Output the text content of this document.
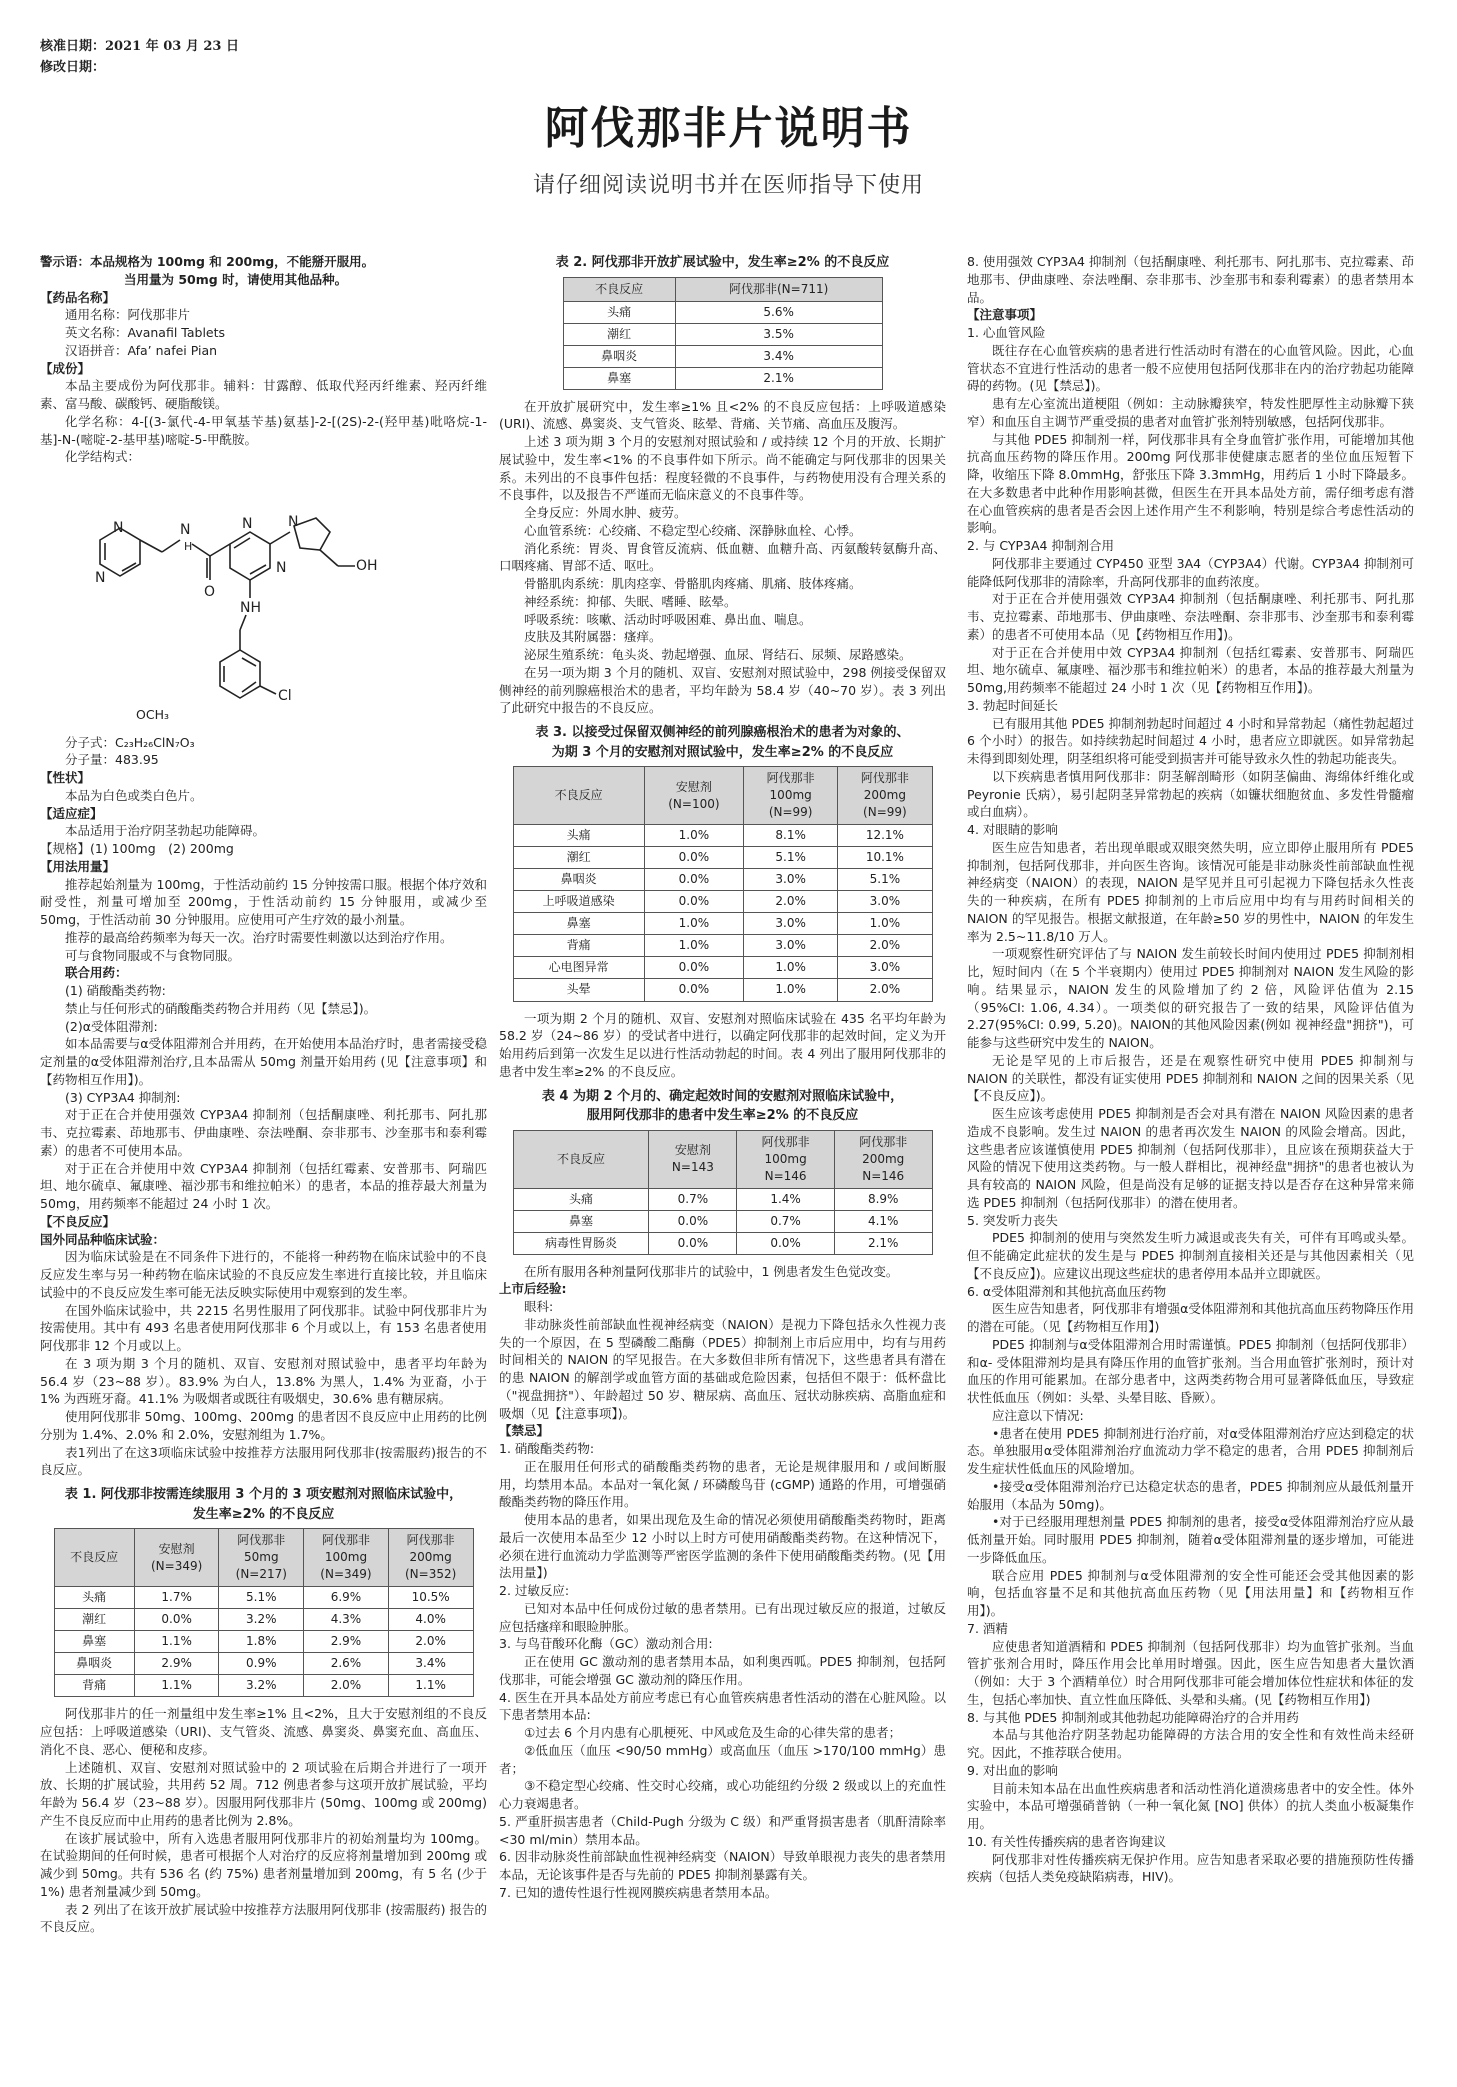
核准日期：2021 年 03 月 23 日
修改日期：
阿伐那非片说明书
请仔细阅读说明书并在医师指导下使用

警示语：本品规格为 100mg 和 200mg，不能掰开服用。

当用量为 50mg 时，请使用其他品种。

【药品名称】

通用名称：阿伐那非片

英文名称：Avanafil Tablets

汉语拼音：Afa’ nafei Pian

【成份】

本品主要成份为阿伐那非。辅料：甘露醇、低取代羟丙纤维素、羟丙纤维素、富马酸、碳酸钙、硬脂酸镁。

化学名称：4-[(3-氯代-4-甲氧基苄基)氨基]-2-[(2S)-2-(羟甲基)吡咯烷-1-基]-N-(嘧啶-2-基甲基)嘧啶-5-甲酰胺。

化学结构式：

N
N
N
H
O
N
N
N
OH
NH
Cl

OCH₃

分子式：C₂₃H₂₆ClN₇O₃

分子量：483.95

【性状】

本品为白色或类白色片。

【适应症】

本品适用于治疗阴茎勃起功能障碍。

【规格】(1) 100mg　(2) 200mg

【用法用量】

推荐起始剂量为 100mg，于性活动前约 15 分钟按需口服。根据个体疗效和耐受性，剂量可增加至 200mg，于性活动前约 15 分钟服用，或减少至 50mg，于性活动前 30 分钟服用。应使用可产生疗效的最小剂量。

推荐的最高给药频率为每天一次。治疗时需要性刺激以达到治疗作用。

可与食物同服或不与食物同服。

联合用药：

(1) 硝酸酯类药物:

禁止与任何形式的硝酸酯类药物合并用药（见【禁忌】)。

(2)α受体阻滞剂:

如本品需要与α受体阻滞剂合并用药，在开始使用本品治疗时，患者需接受稳定剂量的α受体阻滞剂治疗,且本品需从 50mg 剂量开始用药 (见【注意事项】和【药物相互作用】)。

(3) CYP3A4 抑制剂:

对于正在合并使用强效 CYP3A4 抑制剂（包括酮康唑、利托那韦、阿扎那韦、克拉霉素、茚地那韦、伊曲康唑、奈法唑酮、奈非那韦、沙奎那韦和泰利霉素）的患者不可使用本品。

对于正在合并使用中效 CYP3A4 抑制剂（包括红霉素、安普那韦、阿瑞匹坦、地尔硫卓、氟康唑、福沙那韦和维拉帕米）的患者，本品的推荐最大剂量为 50mg，用药频率不能超过 24 小时 1 次。

【不良反应】

国外同品种临床试验：

因为临床试验是在不同条件下进行的，不能将一种药物在临床试验中的不良反应发生率与另一种药物在临床试验的不良反应发生率进行直接比较，并且临床试验中的不良反应发生率可能无法反映实际使用中观察到的发生率。

在国外临床试验中，共 2215 名男性服用了阿伐那非。试验中阿伐那非片为按需使用。其中有 493 名患者使用阿伐那非 6 个月或以上，有 153 名患者使用阿伐那非 12 个月或以上。

在 3 项为期 3 个月的随机、双盲、安慰剂对照试验中，患者平均年龄为 56.4 岁（23~88 岁）。83.9% 为白人，13.8% 为黑人，1.4% 为亚裔，小于 1% 为西班牙裔。41.1% 为吸烟者或既往有吸烟史，30.6% 患有糖尿病。

使用阿伐那非 50mg、100mg、200mg 的患者因不良反应中止用药的比例分别为 1.4%、2.0% 和 2.0%，安慰剂组为 1.7%。

表1列出了在这3项临床试验中按推荐方法服用阿伐那非(按需服药)报告的不良反应。

表 1. 阿伐那非按需连续服用 3 个月的 3 项安慰剂对照临床试验中，
发生率≥2% 的不良反应
不良反应	安慰剂
(N=349)	阿伐那非
50mg
(N=217)	阿伐那非
100mg
(N=349)	阿伐那非
200mg
(N=352)
头痛	1.7%	5.1%	6.9%	10.5%
潮红	0.0%	3.2%	4.3%	4.0%
鼻塞	1.1%	1.8%	2.9%	2.0%
鼻咽炎	2.9%	0.9%	2.6%	3.4%
背痛	1.1%	3.2%	2.0%	1.1%

阿伐那非片的任一剂量组中发生率≥1% 且<2%，且大于安慰剂组的不良反应包括：上呼吸道感染（URI)、支气管炎、流感、鼻窦炎、鼻窦充血、高血压、消化不良、恶心、便秘和皮疹。

上述随机、双盲、安慰剂对照试验中的 2 项试验在后期合并进行了一项开放、长期的扩展试验，共用药 52 周。712 例患者参与这项开放扩展试验，平均年龄为 56.4 岁（23~88 岁）。因服用阿伐那非片 (50mg、100mg 或 200mg) 产生不良反应而中止用药的患者比例为 2.8%。

在该扩展试验中，所有入选患者服用阿伐那非片的初始剂量均为 100mg。在试验期间的任何时候，患者可根据个人对治疗的反应将剂量增加到 200mg 或减少到 50mg。共有 536 名 (约 75%) 患者剂量增加到 200mg，有 5 名 (少于 1%) 患者剂量减少到 50mg。

表 2 列出了在该开放扩展试验中按推荐方法服用阿伐那非 (按需服药) 报告的不良反应。

表 2. 阿伐那非开放扩展试验中，发生率≥2% 的不良反应
不良反应	阿伐那非(N=711)
头痛	5.6%
潮红	3.5%
鼻咽炎	3.4%
鼻塞	2.1%

在开放扩展研究中，发生率≥1% 且<2% 的不良反应包括：上呼吸道感染 (URI)、流感、鼻窦炎、支气管炎、眩晕、背痛、关节痛、高血压及腹泻。

上述 3 项为期 3 个月的安慰剂对照试验和 / 或持续 12 个月的开放、长期扩展试验中，发生率<1% 的不良事件如下所示。尚不能确定与阿伐那非的因果关系。未列出的不良事件包括：程度轻微的不良事件，与药物使用没有合理关系的不良事件，以及报告不严谨而无临床意义的不良事件等。

全身反应：外周水肿、疲劳。

心血管系统：心绞痛、不稳定型心绞痛、深静脉血栓、心悸。

消化系统：胃炎、胃食管反流病、低血糖、血糖升高、丙氨酸转氨酶升高、口咽疼痛、胃部不适、呕吐。

骨骼肌肉系统：肌肉痉挛、骨骼肌肉疼痛、肌痛、肢体疼痛。

神经系统：抑郁、失眠、嗜睡、眩晕。

呼吸系统：咳嗽、活动时呼吸困难、鼻出血、喘息。

皮肤及其附属器：瘙痒。

泌尿生殖系统：龟头炎、勃起增强、血尿、肾结石、尿频、尿路感染。

在另一项为期 3 个月的随机、双盲、安慰剂对照试验中，298 例接受保留双侧神经的前列腺癌根治术的患者，平均年龄为 58.4 岁（40~70 岁）。表 3 列出了此研究中报告的不良反应。

表 3. 以接受过保留双侧神经的前列腺癌根治术的患者为对象的、
为期 3 个月的安慰剂对照试验中，发生率≥2% 的不良反应
不良反应	安慰剂
(N=100)	阿伐那非
100mg
(N=99)	阿伐那非
200mg
(N=99)
头痛	1.0%	8.1%	12.1%
潮红	0.0%	5.1%	10.1%
鼻咽炎	0.0%	3.0%	5.1%
上呼吸道感染	0.0%	2.0%	3.0%
鼻塞	1.0%	3.0%	1.0%
背痛	1.0%	3.0%	2.0%
心电图异常	0.0%	1.0%	3.0%
头晕	0.0%	1.0%	2.0%

一项为期 2 个月的随机、双盲、安慰剂对照临床试验在 435 名平均年龄为 58.2 岁（24~86 岁）的受试者中进行，以确定阿伐那非的起效时间，定义为开始用药后到第一次发生足以进行性活动勃起的时间。表 4 列出了服用阿伐那非的患者中发生率≥2% 的不良反应。

表 4 为期 2 个月的、确定起效时间的安慰剂对照临床试验中，
服用阿伐那非的患者中发生率≥2% 的不良反应
不良反应	安慰剂
N=143	阿伐那非
100mg
N=146	阿伐那非
200mg
N=146
头痛	0.7%	1.4%	8.9%
鼻塞	0.0%	0.7%	4.1%
病毒性胃肠炎	0.0%	0.0%	2.1%

在所有服用各种剂量阿伐那非片的试验中，1 例患者发生色觉改变。

上市后经验:

眼科:

非动脉炎性前部缺血性视神经病变（NAION）是视力下降包括永久性视力丧失的一个原因，在 5 型磷酸二酯酶（PDE5）抑制剂上市后应用中，均有与用药时间相关的 NAION 的罕见报告。在大多数但非所有情况下，这些患者具有潜在的患 NAION 的解剖学或血管方面的基础或危险因素，包括但不限于：低杯盘比（"视盘拥挤"）、年龄超过 50 岁、糖尿病、高血压、冠状动脉疾病、高脂血症和吸烟（见【注意事项】)。

【禁忌】

1. 硝酸酯类药物:

正在服用任何形式的硝酸酯类药物的患者，无论是规律服用和 / 或间断服用，均禁用本品。本品对一氧化氮 / 环磷酸鸟苷 (cGMP) 通路的作用，可增强硝酸酯类药物的降压作用。

使用本品的患者，如果出现危及生命的情况必须使用硝酸酯类药物时，距离最后一次使用本品至少 12 小时以上时方可使用硝酸酯类药物。在这种情况下，必须在进行血流动力学监测等严密医学监测的条件下使用硝酸酯类药物。(见【用法用量】)

2. 过敏反应:

已知对本品中任何成份过敏的患者禁用。已有出现过敏反应的报道，过敏反应包括瘙痒和眼睑肿胀。

3. 与鸟苷酸环化酶（GC）激动剂合用:

正在使用 GC 激动剂的患者禁用本品，如利奥西呱。PDE5 抑制剂，包括阿伐那非，可能会增强 GC 激动剂的降压作用。

4. 医生在开具本品处方前应考虑已有心血管疾病患者性活动的潜在心脏风险。以下患者禁用本品:

①过去 6 个月内患有心肌梗死、中风或危及生命的心律失常的患者；

②低血压（血压 <90/50 mmHg）或高血压（血压 >170/100 mmHg）患者；

③不稳定型心绞痛、性交时心绞痛，或心功能纽约分级 2 级或以上的充血性心力衰竭患者。

5. 严重肝损害患者（Child-Pugh 分级为 C 级）和严重肾损害患者（肌酐清除率 <30 ml/min）禁用本品。

6. 因非动脉炎性前部缺血性视神经病变（NAION）导致单眼视力丧失的患者禁用本品，无论该事件是否与先前的 PDE5 抑制剂暴露有关。

7. 已知的遗传性退行性视网膜疾病患者禁用本品。

8. 使用强效 CYP3A4 抑制剂（包括酮康唑、利托那韦、阿扎那韦、克拉霉素、茚地那韦、伊曲康唑、奈法唑酮、奈非那韦、沙奎那韦和泰利霉素）的患者禁用本品。

【注意事项】

1. 心血管风险

既往存在心血管疾病的患者进行性活动时有潜在的心血管风险。因此，心血管状态不宜进行性活动的患者一般不应使用包括阿伐那非在内的治疗勃起功能障碍的药物。(见【禁忌】)。

患有左心室流出道梗阻（例如：主动脉瓣狭窄，特发性肥厚性主动脉瓣下狭窄）和血压自主调节严重受损的患者对血管扩张剂特别敏感，包括阿伐那非。

与其他 PDE5 抑制剂一样，阿伐那非具有全身血管扩张作用，可能增加其他抗高血压药物的降压作用。200mg 阿伐那非使健康志愿者的坐位血压短暂下降，收缩压下降 8.0mmHg，舒张压下降 3.3mmHg，用药后 1 小时下降最多。在大多数患者中此种作用影响甚微，但医生在开具本品处方前，需仔细考虑有潜在心血管疾病的患者是否会因上述作用产生不利影响，特别是综合考虑性活动的影响。

2. 与 CYP3A4 抑制剂合用

阿伐那非主要通过 CYP450 亚型 3A4（CYP3A4）代谢。CYP3A4 抑制剂可能降低阿伐那非的清除率，升高阿伐那非的血药浓度。

对于正在合并使用强效 CYP3A4 抑制剂（包括酮康唑、利托那韦、阿扎那韦、克拉霉素、茚地那韦、伊曲康唑、奈法唑酮、奈非那韦、沙奎那韦和泰利霉素）的患者不可使用本品（见【药物相互作用】)。

对于正在合并使用中效 CYP3A4 抑制剂（包括红霉素、安普那韦、阿瑞匹坦、地尔硫卓、氟康唑、福沙那韦和维拉帕米）的患者，本品的推荐最大剂量为 50mg,用药频率不能超过 24 小时 1 次（见【药物相互作用】)。

3. 勃起时间延长

已有服用其他 PDE5 抑制剂勃起时间超过 4 小时和异常勃起（痛性勃起超过 6 个小时）的报告。如持续勃起时间超过 4 小时，患者应立即就医。如异常勃起未得到即刻处理，阴茎组织将可能受到损害并可能导致永久性的勃起功能丧失。

以下疾病患者慎用阿伐那非：阴茎解剖畸形（如阴茎偏曲、海绵体纤维化或 Peyronie 氏病），易引起阴茎异常勃起的疾病（如镰状细胞贫血、多发性骨髓瘤或白血病）。

4. 对眼睛的影响

医生应告知患者，若出现单眼或双眼突然失明，应立即停止服用所有 PDE5 抑制剂，包括阿伐那非，并向医生咨询。该情况可能是非动脉炎性前部缺血性视神经病变（NAION）的表现，NAION 是罕见并且可引起视力下降包括永久性丧失的一种疾病，在所有 PDE5 抑制剂的上市后应用中均有与用药时间相关的 NAION 的罕见报告。根据文献报道，在年龄≥50 岁的男性中，NAION 的年发生率为 2.5~11.8/10 万人。

一项观察性研究评估了与 NAION 发生前较长时间内使用过 PDE5 抑制剂相比，短时间内（在 5 个半衰期内）使用过 PDE5 抑制剂对 NAION 发生风险的影响。结果显示，NAION 发生的风险增加了约 2 倍，风险评估值为 2.15（95%CI: 1.06, 4.34）。一项类似的研究报告了一致的结果，风险评估值为2.27(95%CI: 0.99, 5.20)。NAION的其他风险因素(例如 视神经盘"拥挤")，可能参与这些研究中发生的 NAION。

无论是罕见的上市后报告，还是在观察性研究中使用 PDE5 抑制剂与 NAION 的关联性，都没有证实使用 PDE5 抑制剂和 NAION 之间的因果关系（见【不良反应】)。

医生应该考虑使用 PDE5 抑制剂是否会对具有潜在 NAION 风险因素的患者造成不良影响。发生过 NAION 的患者再次发生 NAION 的风险会增高。因此，这些患者应该谨慎使用 PDE5 抑制剂（包括阿伐那非），且应该在预期获益大于风险的情况下使用这类药物。与一般人群相比，视神经盘"拥挤"的患者也被认为具有较高的 NAION 风险，但是尚没有足够的证据支持以是否存在这种异常来筛选 PDE5 抑制剂（包括阿伐那非）的潜在使用者。

5. 突发听力丧失

PDE5 抑制剂的使用与突然发生听力减退或丧失有关，可伴有耳鸣或头晕。但不能确定此症状的发生是与 PDE5 抑制剂直接相关还是与其他因素相关（见【不良反应】)。应建议出现这些症状的患者停用本品并立即就医。

6. α受体阻滞剂和其他抗高血压药物

医生应告知患者，阿伐那非有增强α受体阻滞剂和其他抗高血压药物降压作用的潜在可能。（见【药物相互作用】)

PDE5 抑制剂与α受体阻滞剂合用时需谨慎。PDE5 抑制剂（包括阿伐那非）和α- 受体阻滞剂均是具有降压作用的血管扩张剂。当合用血管扩张剂时，预计对血压的作用可能累加。在部分患者中，这两类药物合用可显著降低血压，导致症状性低血压（例如：头晕、头晕目眩、昏厥）。

应注意以下情况:

•患者在使用 PDE5 抑制剂进行治疗前，对α受体阻滞剂治疗应达到稳定的状态。单独服用α受体阻滞剂治疗血流动力学不稳定的患者，合用 PDE5 抑制剂后发生症状性低血压的风险增加。

•接受α受体阻滞剂治疗已达稳定状态的患者，PDE5 抑制剂应从最低剂量开始服用（本品为 50mg)。

•对于已经服用理想剂量 PDE5 抑制剂的患者，接受α受体阻滞剂治疗应从最低剂量开始。同时服用 PDE5 抑制剂，随着α受体阻滞剂量的逐步增加，可能进一步降低血压。

联合应用 PDE5 抑制剂与α受体阻滞剂的安全性可能还会受其他因素的影响，包括血容量不足和其他抗高血压药物（见【用法用量】和【药物相互作用】)。

7. 酒精

应使患者知道酒精和 PDE5 抑制剂（包括阿伐那非）均为血管扩张剂。当血管扩张剂合用时，降压作用会比单用时增强。因此，医生应告知患者大量饮酒（例如：大于 3 个酒精单位）时合用阿伐那非可能会增加体位性症状和体征的发生，包括心率加快、直立性血压降低、头晕和头痛。(见【药物相互作用】)

8. 与其他 PDE5 抑制剂或其他勃起功能障碍治疗的合并用药

本品与其他治疗阴茎勃起功能障碍的方法合用的安全性和有效性尚未经研究。因此，不推荐联合使用。

9. 对出血的影响

目前未知本品在出血性疾病患者和活动性消化道溃疡患者中的安全性。体外实验中，本品可增强硝普钠（一种一氧化氮 [NO] 供体）的抗人类血小板凝集作用。

10. 有关性传播疾病的患者咨询建议

阿伐那非对性传播疾病无保护作用。应告知患者采取必要的措施预防性传播疾病（包括人类免疫缺陷病毒，HIV)。
